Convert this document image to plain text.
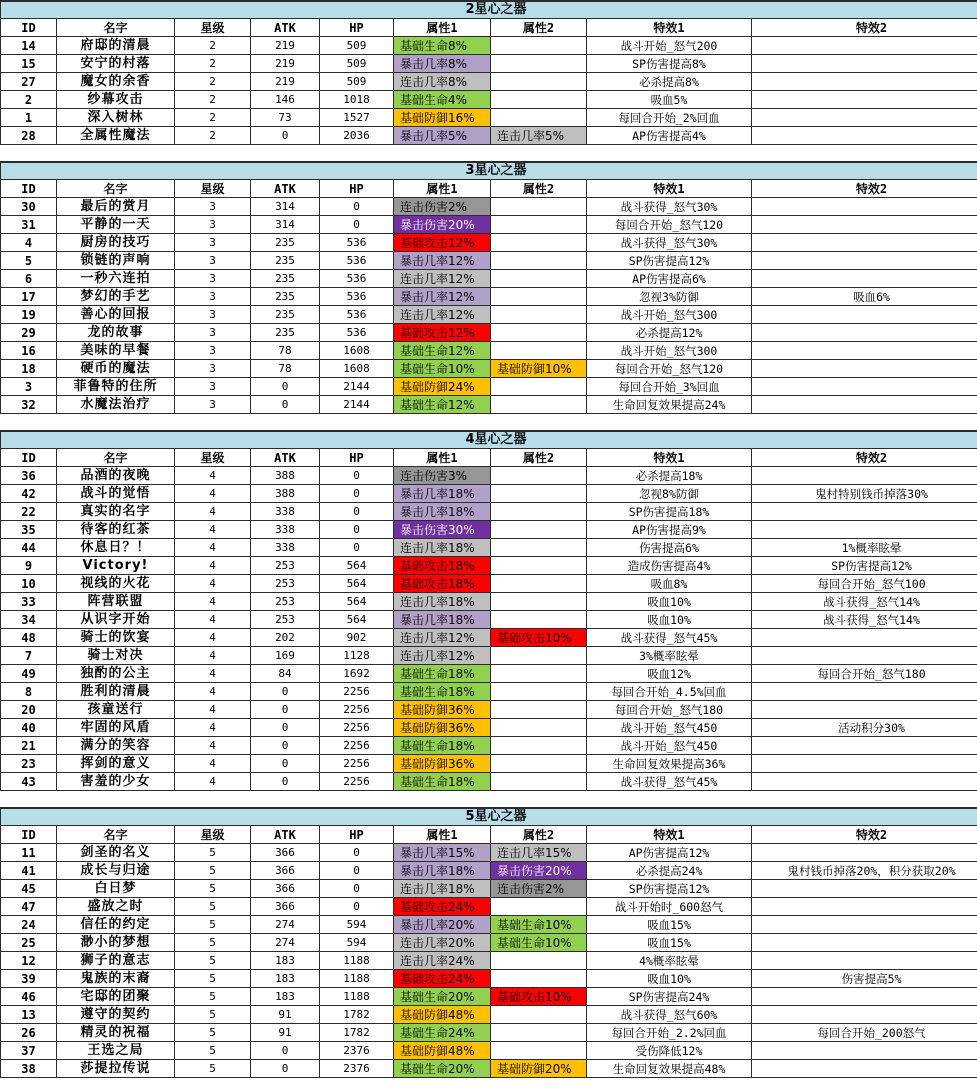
2星心之器								
ID	名字	星级	ATK	HP	属性1	属性2	特效1	特效2
14	府邸的清晨	2	219	509	基础生命8%		战斗开始_怒气200	
15	安宁的村落	2	219	509	暴击几率8%		SP伤害提高8%	
27	魔女的余香	2	219	509	连击几率8%		必杀提高8%	
2	纱幕攻击	2	146	1018	基础生命4%		吸血5%	
1	深入树林	2	73	1527	基础防御16%		每回合开始_2%回血	
28	全属性魔法	2	0	2036	暴击几率5%	连击几率5%	AP伤害提高4%	

3星心之器								
ID	名字	星级	ATK	HP	属性1	属性2	特效1	特效2
30	最后的赏月	3	314	0	连击伤害2%		战斗获得_怒气30%	
31	平静的一天	3	314	0	暴击伤害20%		每回合开始_怒气120	
4	厨房的技巧	3	235	536	基础攻击12%		战斗获得_怒气30%	
5	锁链的声响	3	235	536	暴击几率12%		SP伤害提高12%	
6	一秒六连拍	3	235	536	连击几率12%		AP伤害提高6%	
17	梦幻的手艺	3	235	536	暴击几率12%		忽视3%防御	吸血6%
19	善心的回报	3	235	536	连击几率12%		战斗开始_怒气300	
29	龙的故事	3	235	536	基础攻击12%		必杀提高12%	
16	美味的早餐	3	78	1608	基础生命12%		战斗开始_怒气300	
18	硬币的魔法	3	78	1608	基础生命10%	基础防御10%	每回合开始_怒气120	
3	菲鲁特的住所	3	0	2144	基础防御24%		每回合开始_3%回血	
32	水魔法治疗	3	0	2144	基础生命12%		生命回复效果提高24%	

4星心之器								
ID	名字	星级	ATK	HP	属性1	属性2	特效1	特效2
36	品酒的夜晚	4	388	0	连击伤害3%		必杀提高18%	
42	战斗的觉悟	4	388	0	暴击几率18%		忽视8%防御	鬼村特别钱币掉落30%
22	真实的名字	4	338	0	暴击几率18%		SP伤害提高18%	
35	待客的红茶	4	338	0	暴击伤害30%		AP伤害提高9%	
44	休息日？！	4	338	0	连击几率18%		伤害提高6%	1%概率眩晕
9	Victory!	4	253	564	基础攻击18%		造成伤害提高4%	SP伤害提高12%
10	视线的火花	4	253	564	基础攻击18%		吸血8%	每回合开始_怒气100
33	阵营联盟	4	253	564	连击几率18%		吸血10%	战斗获得_怒气14%
34	从识字开始	4	253	564	暴击几率18%		吸血10%	战斗获得_怒气14%
48	骑士的饮宴	4	202	902	连击几率12%	基础攻击10%	战斗获得_怒气45%	
7	骑士对决	4	169	1128	连击几率12%		3%概率眩晕	
49	独酌的公主	4	84	1692	基础生命18%		吸血12%	每回合开始_怒气180
8	胜利的清晨	4	0	2256	基础生命18%		每回合开始_4.5%回血	
20	孩童送行	4	0	2256	基础防御36%		每回合开始_怒气180	
40	牢固的风盾	4	0	2256	基础防御36%		战斗开始_怒气450	活动积分30%
21	满分的笑容	4	0	2256	基础生命18%		战斗开始_怒气450	
23	挥剑的意义	4	0	2256	基础防御36%		生命回复效果提高36%	
43	害羞的少女	4	0	2256	基础生命18%		战斗获得_怒气45%	

5星心之器								
ID	名字	星级	ATK	HP	属性1	属性2	特效1	特效2
11	剑圣的名义	5	366	0	暴击几率15%	连击几率15%	AP伤害提高12%	
41	成长与归途	5	366	0	暴击几率18%	暴击伤害20%	必杀提高24%	鬼村钱币掉落20%，积分获取20%
45	白日梦	5	366	0	连击几率18%	连击伤害2%	SP伤害提高12%	
47	盛放之时	5	366	0	基础攻击24%		战斗开始时_600怒气	
24	信任的约定	5	274	594	暴击几率20%	基础生命10%	吸血15%	
25	渺小的梦想	5	274	594	连击几率20%	基础生命10%	吸血15%	
12	狮子的意志	5	183	1188	连击几率24%		4%概率眩晕	
39	鬼族的末裔	5	183	1188	基础攻击24%		吸血10%	伤害提高5%
46	宅邸的团聚	5	183	1188	基础生命20%	基础攻击10%	SP伤害提高24%	
13	遵守的契约	5	91	1782	基础防御48%		战斗获得_怒气60%	
26	精灵的祝福	5	91	1782	基础生命24%		每回合开始_2.2%回血	每回合开始_200怒气
37	王选之局	5	0	2376	基础防御48%		受伤降低12%	
38	莎提拉传说	5	0	2376	基础生命20%	基础防御20%	生命回复效果提高48%	
